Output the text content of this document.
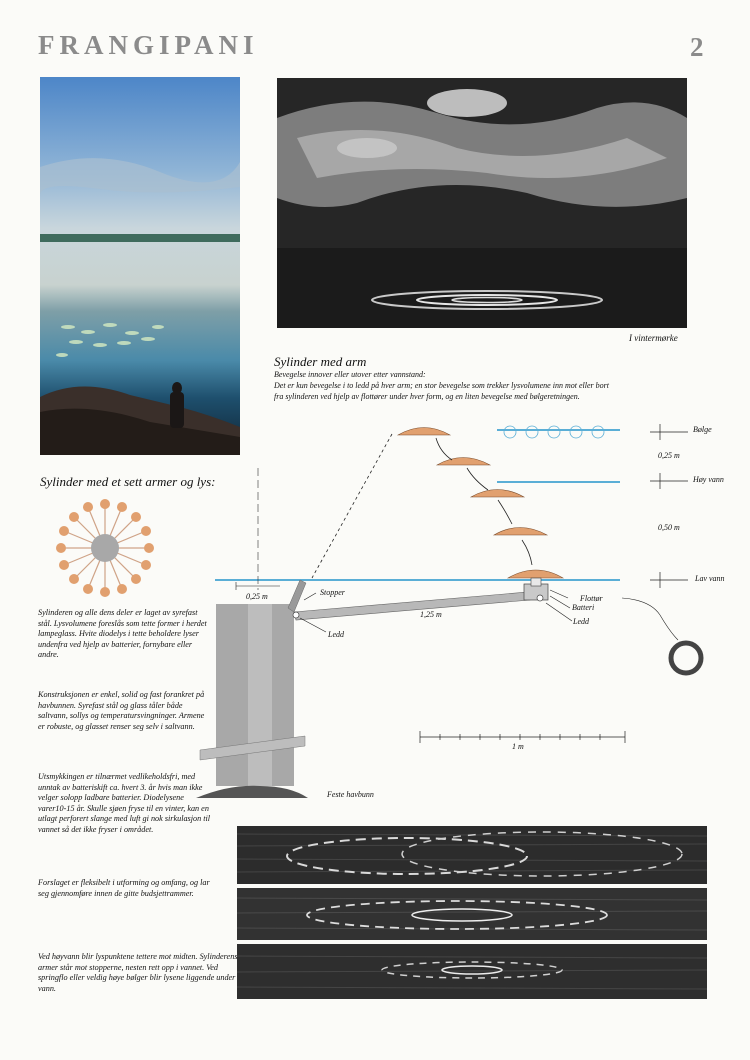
FRANGIPANI	2
I vintermørke
Sylinder med arm
Bevegelse innover eller utover etter vannstand:
Det er kun bevegelse i to ledd på hver arm; en stor bevegelse som trekker lysvolumene inn mot eller bort
fra sylinderen ved hjelp av flottører under hver form, og en liten bevegelse med bølgeretningen.
Bølge
0,25 m
Høy vann
0,50 m
Lav vann
0,25 m	Stopper
1,25 m
Flottør
Batteri
Ledd
Ledd
1 m
Feste havbunn
Sylinder med et sett armer og lys:
Sylinderen og alle dens deler er laget av syrefast stål. Lysvolumene foreslås som tette former i herdet lampeglass. Hvite diodelys i tette beholdere lyser undenfra ved hjelp av batterier, fornybare eller andre.
Konstruksjonen er enkel, solid og fast forankret på havbunnen. Syrefast stål og glass tåler både saltvann, sollys og temperatursvingninger. Armene er robuste, og glasset renser seg selv i saltvann.
Utsmykkingen er tilnærmet vedlikeholdsfri, med unntak av batteriskift ca. hvert 3. år hvis man ikke velger solopp ladbare batterier. Diodelysene varer10-15 år. Skulle sjøen fryse til en vinter, kan en utlagt perforert slange med luft gi nok sirkulasjon til vannet så det ikke fryser i området.
Forslaget er fleksibelt i utforming og omfang, og lar seg gjennomføre innen de gitte budsjettrammer.
Ved høyvann blir lyspunktene tettere mot midten. Sylinderens armer står mot stopperne, nesten rett opp i vannet. Ved springflo eller veldig høye bølger blir lysene liggende under vann.
